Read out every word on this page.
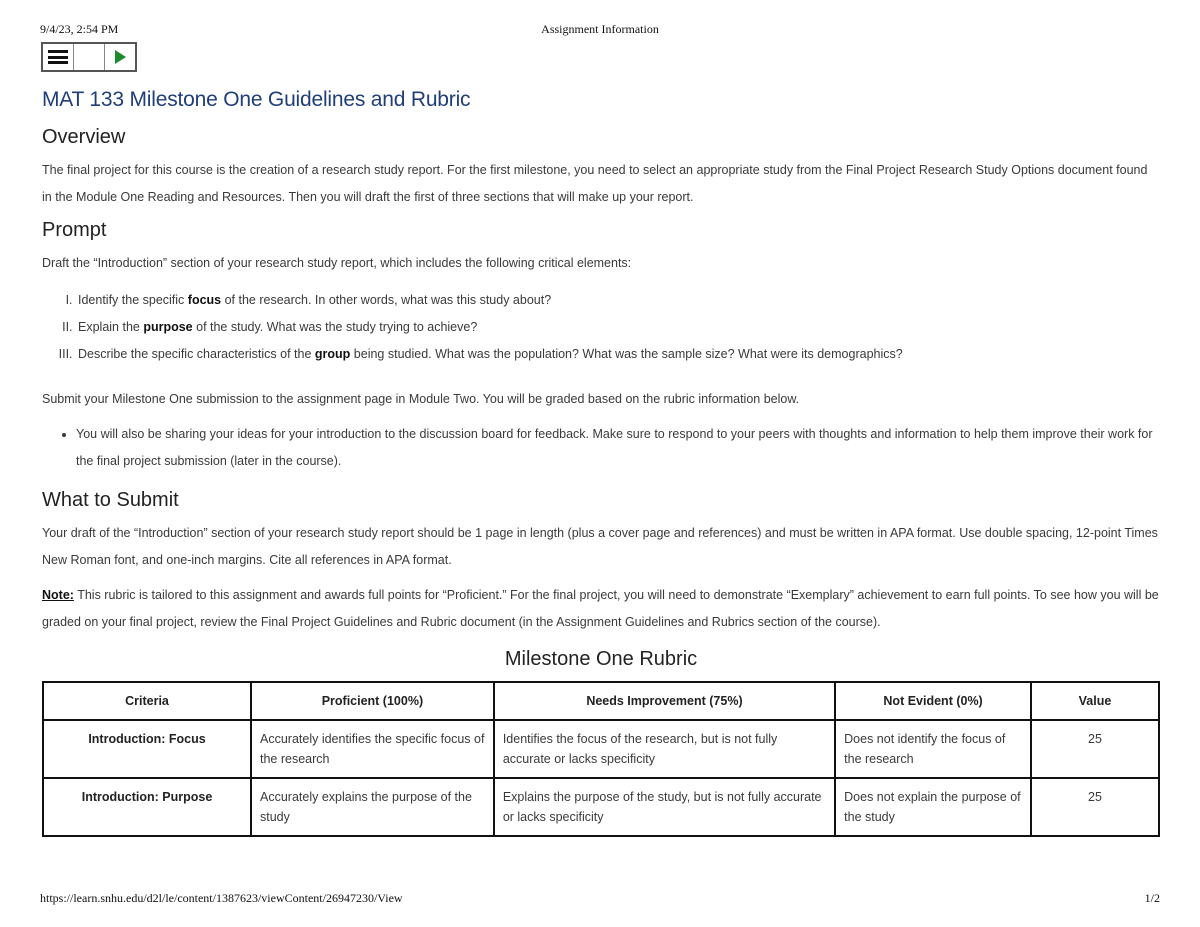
9/4/23, 2:54 PM	Assignment Information
MAT 133 Milestone One Guidelines and Rubric
Overview

The final project for this course is the creation of a research study report. For the first milestone, you need to select an appropriate study from the Final Project Research Study Options document found in the Module One Reading and Resources. Then you will draft the first of three sections that will make up your report.

Prompt

Draft the “Introduction” section of your research study report, which includes the following critical elements:

I. Identify the specific focus of the research. In other words, what was this study about?
II. Explain the purpose of the study. What was the study trying to achieve?
III. Describe the specific characteristics of the group being studied. What was the population? What was the sample size? What were its demographics?

Submit your Milestone One submission to the assignment page in Module Two. You will be graded based on the rubric information below.

• You will also be sharing your ideas for your introduction to the discussion board for feedback. Make sure to respond to your peers with thoughts and information to help them improve their work for the final project submission (later in the course).
What to Submit

Your draft of the “Introduction” section of your research study report should be 1 page in length (plus a cover page and references) and must be written in APA format. Use double spacing, 12-point Times New Roman font, and one-inch margins. Cite all references in APA format.

Note: This rubric is tailored to this assignment and awards full points for “Proficient.” For the final project, you will need to demonstrate “Exemplary” achievement to earn full points. To see how you will be graded on your final project, review the Final Project Guidelines and Rubric document (in the Assignment Guidelines and Rubrics section of the course).

Milestone One Rubric
Criteria	Proficient (100%)	Needs Improvement (75%)	Not Evident (0%)	Value
Introduction: Focus	Accurately identifies the specific focus of the research	Identifies the focus of the research, but is not fully accurate or lacks specificity	Does not identify the focus of the research	25
Introduction: Purpose	Accurately explains the purpose of the study	Explains the purpose of the study, but is not fully accurate or lacks specificity	Does not explain the purpose of the study	25
https://learn.snhu.edu/d2l/le/content/1387623/viewContent/26947230/View	1/2
